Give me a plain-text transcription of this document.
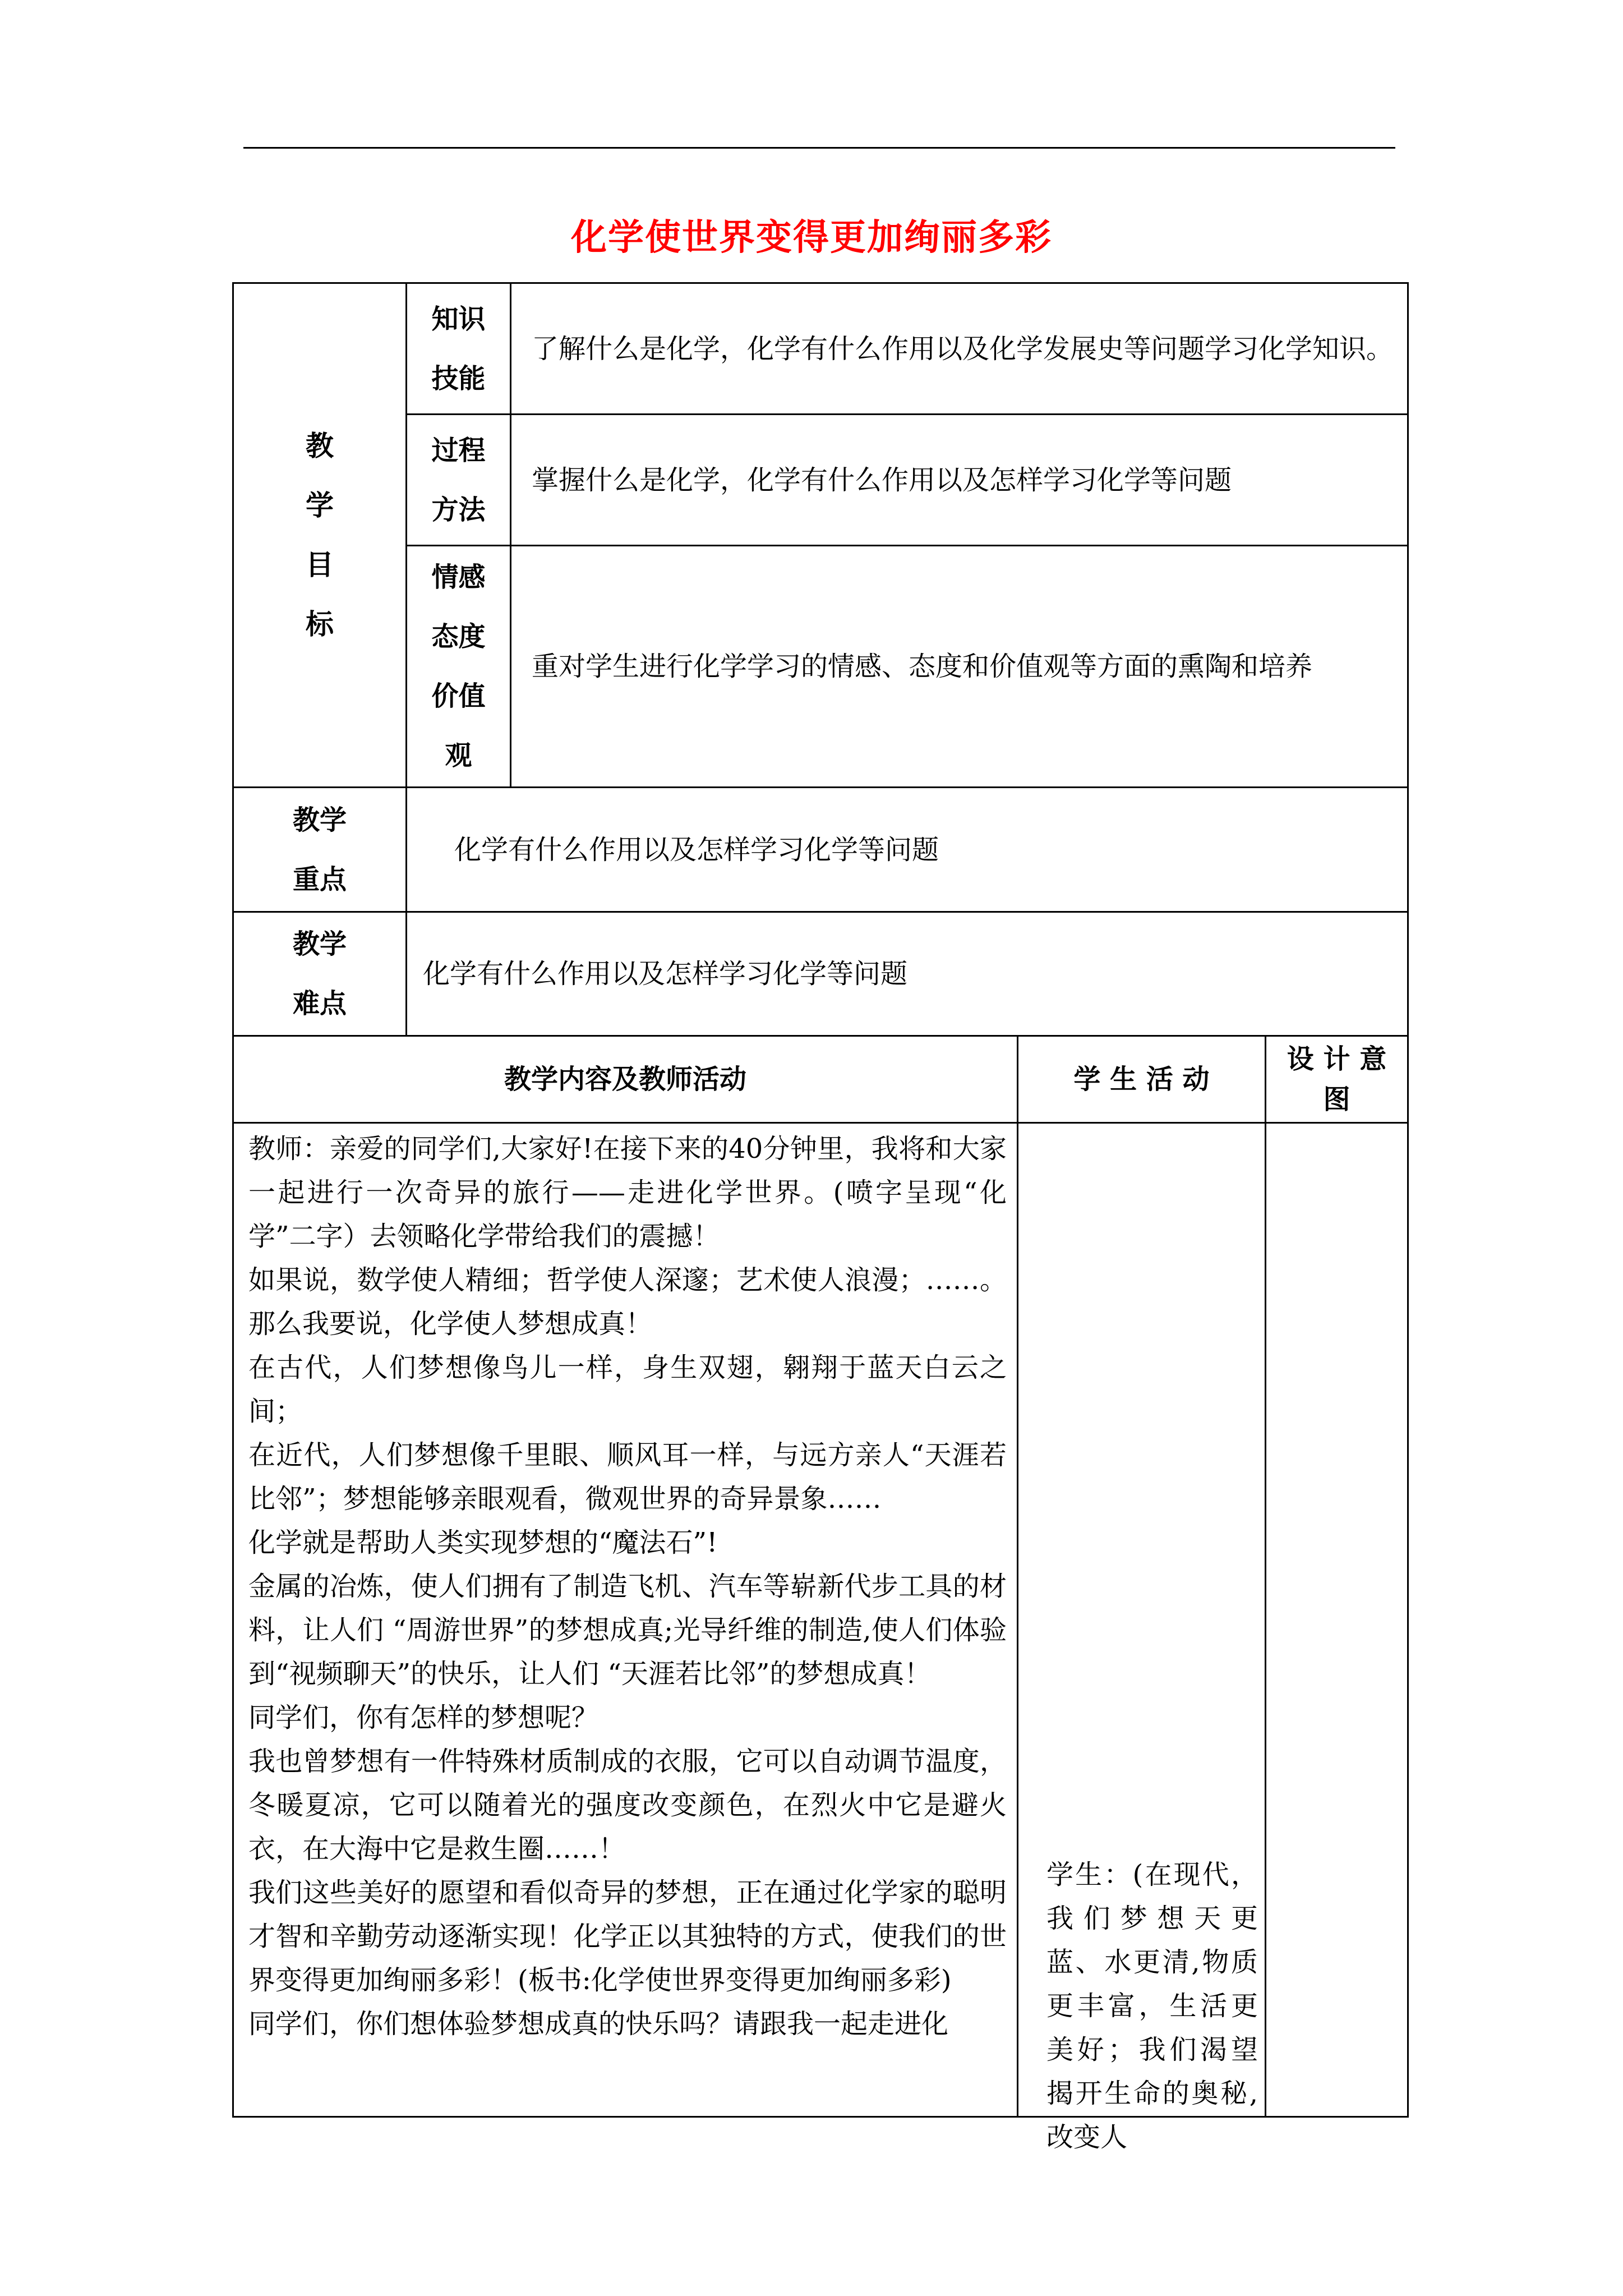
化学使世界变得更加绚丽多彩
教
学
目
标
知识
技能
了解什么是化学，化学有什么作用以及化学发展史等问题学习化学知识。
过程
方法
掌握什么是化学，化学有什么作用以及怎样学习化学等问题
情感
态度
价值
观
重对学生进行化学学习的情感、态度和价值观等方面的熏陶和培养
教学
重点
化学有什么作用以及怎样学习化学等问题
教学
难点
化学有什么作用以及怎样学习化学等问题
教学内容及教师活动	学 生 活 动
设 计 意
图

教师：亲爱的同学们,大家好!在接下来的40分钟里，我将和大家一起进行一次奇异的旅行——走进化学世界。(喷字呈现“化学”二字）去领略化学带给我们的震撼！

如果说，数学使人精细；哲学使人深邃；艺术使人浪漫；……。那么我要说，化学使人梦想成真！

在古代，人们梦想像鸟儿一样，身生双翅，翱翔于蓝天白云之间；

在近代，人们梦想像千里眼、顺风耳一样，与远方亲人“天涯若比邻”；梦想能够亲眼观看，微观世界的奇异景象……

化学就是帮助人类实现梦想的“魔法石”!

金属的冶炼，使人们拥有了制造飞机、汽车等崭新代步工具的材料，让人们 “周游世界”的梦想成真;光导纤维的制造,使人们体验到“视频聊天”的快乐，让人们 “天涯若比邻”的梦想成真！

同学们，你有怎样的梦想呢？

我也曾梦想有一件特殊材质制成的衣服，它可以自动调节温度，冬暖夏凉，它可以随着光的强度改变颜色，在烈火中它是避火衣，在大海中它是救生圈……！

我们这些美好的愿望和看似奇异的梦想，正在通过化学家的聪明才智和辛勤劳动逐渐实现！化学正以其独特的方式，使我们的世界变得更加绚丽多彩！(板书:化学使世界变得更加绚丽多彩)

同学们，你们想体验梦想成真的快乐吗？请跟我一起走进化

学生：(在现代，我们梦想天更蓝、水更清,物质更丰富，生活更美好；我们渴望揭开生命的奥秘,改变人
